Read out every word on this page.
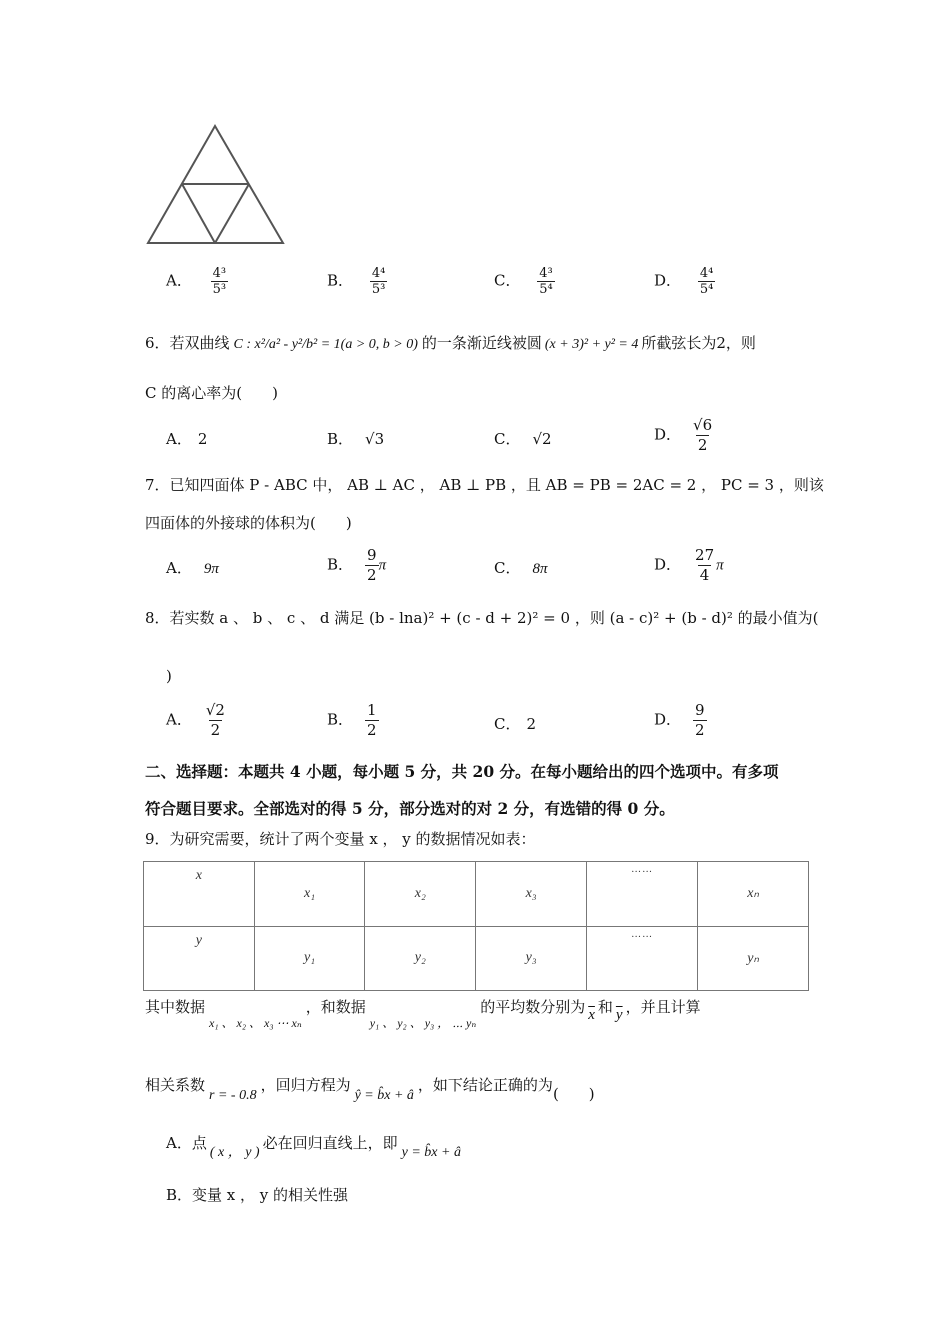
A． $\frac{\text{4³}}{\text{5³}}$	B． $\frac{\text{4⁴}}{\text{5³}}$	C． $\frac{\text{4³}}{\text{5⁴}}$	D． $\frac{\text{4⁴}}{\text{5⁴}}$
6．若双曲线 C : x²/a² - y²/b² = 1(a > 0, b > 0) 的一条渐近线被圆 (x + 3)² + y² = 4 所截弦长为2，则
C 的离心率为(　　)
A． 2	B． √3	C． √2	D． $\frac{√6}{2}$
7．已知四面体 P - ABC 中， AB ⊥ AC ， AB ⊥ PB ，且 AB = PB = 2AC = 2 ， PC = 3 ，则该
四面体的外接球的体积为(　　)
A． 9π	B． $\frac{9}{2}$ π	C． 8π	D． $\frac{27}{4}$ π
8．若实数 a 、 b 、 c 、 d 满足 (b - lna)² + (c - d + 2)² = 0 ，则 (a - c)² + (b - d)² 的最小值为(
)
A． $\frac{√2}{2}$	B． $\frac{1}{2}$	C． 2	D． $\frac{9}{2}$
二、选择题：本题共 4 小题，每小题 5 分，共 20 分。在每小题给出的四个选项中。有多项
符合题目要求。全部选对的得 5 分，部分选对的对 2 分，有选错的得 0 分。
9．为研究需要，统计了两个变量 x ， y 的数据情况如表：
x	x₁	x₂	x₃	……	xₙ
y	y₁	y₂	y₃	……	yₙ
其中数据$_{x_1 、 x_2 、 x_3 \cdots x_n}$，和数据$_{y_1 、 y_2 、 y_3 , \cdots y_n}$的平均数分别为 $\overline{x}$ 和 $\overline{y}$ ，并且计算
相关系数r = - 0.8，回归方程为ŷ = b̂x + â，如下结论正确的为(　　)
A．点( x ， y )必在回归直线上，即y = b̂x + â
B．变量 x ， y 的相关性强
